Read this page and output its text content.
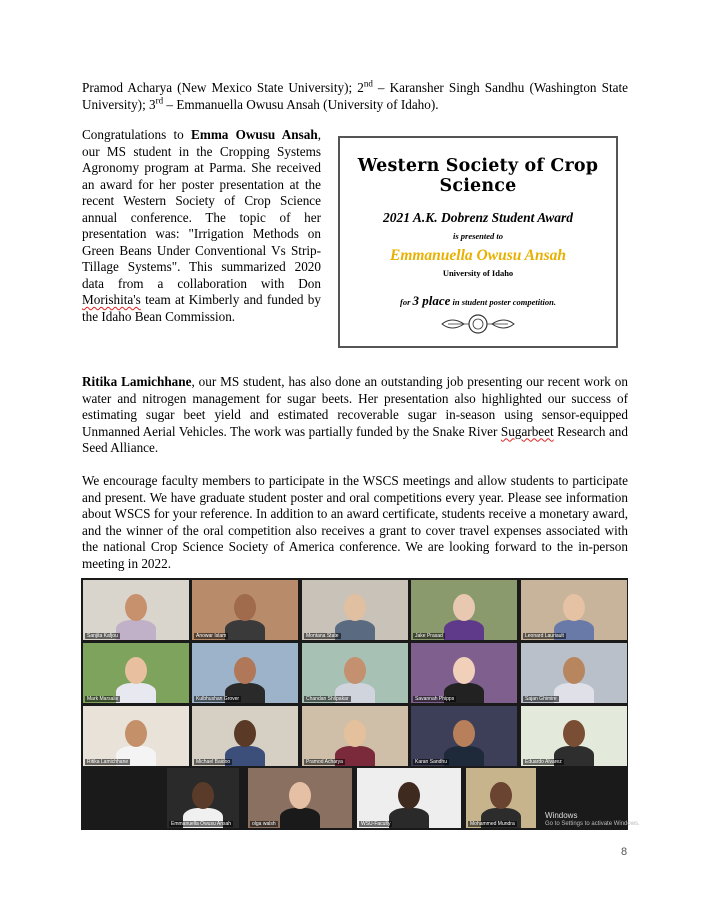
Pramod Acharya (New Mexico State University); 2nd – Karansher Singh Sandhu (Washington State University); 3rd – Emmanuella Owusu Ansah (University of Idaho).
Congratulations to Emma Owusu Ansah, our MS student in the Cropping Systems Agronomy program at Parma. She received an award for her poster presentation at the recent Western Society of Crop Science annual conference. The topic of her presentation was: "Irrigation Methods on Green Beans Under Conventional Vs Strip-Tillage Systems". This summarized 2020 data from a collaboration with Don Morishita's team at Kimberly and funded by the Idaho Bean Commission.
Western Society of Crop Science
2021 A.K. Dobrenz Student Award
is presented to
Emmanuella Owusu Ansah
University of Idaho
for 3 place in student poster competition.
Ritika Lamichhane, our MS student, has also done an outstanding job presenting our recent work on water and nitrogen management for sugar beets. Her presentation also highlighted our success of estimating sugar beet yield and estimated recoverable sugar in-season using sensor-equipped Unmanned Aerial Vehicles. The work was partially funded by the Snake River Sugarbeet Research and Seed Alliance.
We encourage faculty members to participate in the WSCS meetings and allow students to participate and present. We have graduate student poster and oral competitions every year. Please see information about WSCS for your reference. In addition to an award certificate, students receive a monetary award, and the winner of the oral competition also receives a grant to cover travel expenses associated with the national Crop Science Society of America conference. We are looking forward to the in-person meeting in 2022.
Sanjita Kafjou	Anowar Islam	Montana State	Jake Prasad	Leonard Lauriault
Mark Marsalis	Kulbhushan Grover	Chandan Shilpakar	Savannah Phipps	Sajan Ghimire
Ritika Lamichhane	Michael Baidoo	Pramod Acharya	Karan Sandhu	Eduardo Alvarez
Emmanuella Owusu Ansah	olga walsh	WSU-Faculty	Mohammed Mundra
Windows
Go to Settings to activate Windows.
8
